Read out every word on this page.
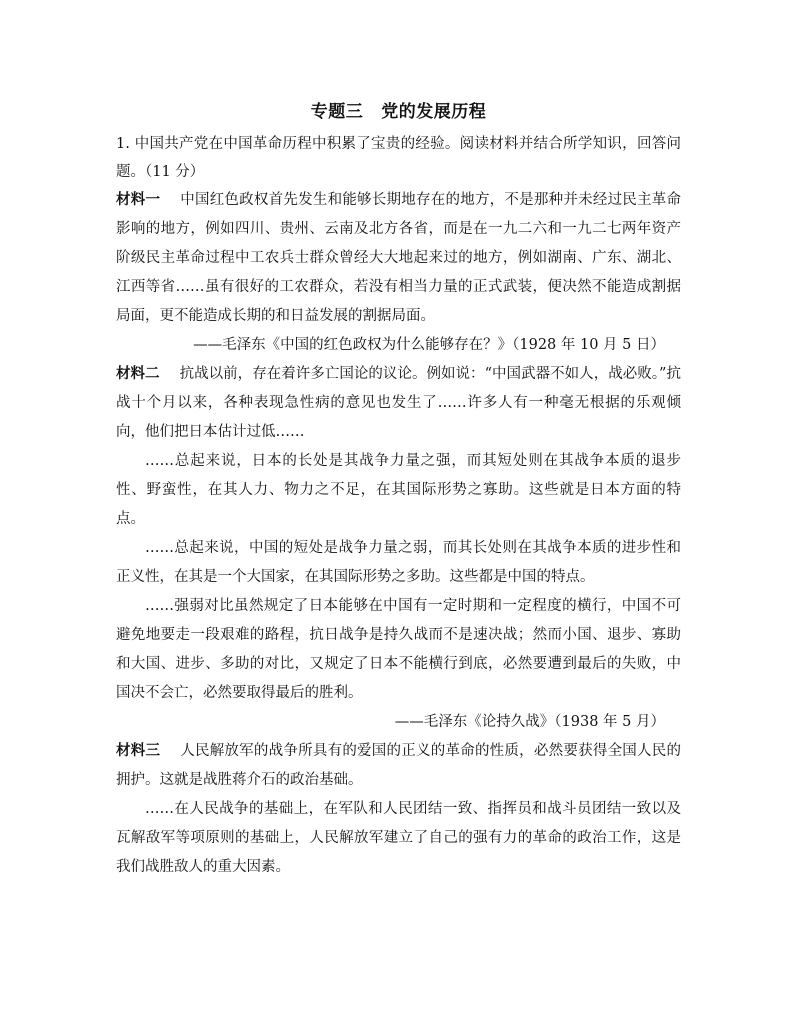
专题三 党的发展历程

1. 中国共产党在中国革命历程中积累了宝贵的经验。阅读材料并结合所学知识，回答问题。（11 分）

材料一 中国红色政权首先发生和能够长期地存在的地方，不是那种并未经过民主革命影响的地方，例如四川、贵州、云南及北方各省，而是在一九二六和一九二七两年资产阶级民主革命过程中工农兵士群众曾经大大地起来过的地方，例如湖南、广东、湖北、江西等省……虽有很好的工农群众，若没有相当力量的正式武装，便决然不能造成割据局面，更不能造成长期的和日益发展的割据局面。

——毛泽东《中国的红色政权为什么能够存在？》（1928 年 10 月 5 日）

材料二 抗战以前，存在着许多亡国论的议论。例如说：“中国武器不如人，战必败。”抗战十个月以来，各种表现急性病的意见也发生了……许多人有一种毫无根据的乐观倾向，他们把日本估计过低……

……总起来说，日本的长处是其战争力量之强，而其短处则在其战争本质的退步性、野蛮性，在其人力、物力之不足，在其国际形势之寡助。这些就是日本方面的特点。

……总起来说，中国的短处是战争力量之弱，而其长处则在其战争本质的进步性和正义性，在其是一个大国家，在其国际形势之多助。这些都是中国的特点。

……强弱对比虽然规定了日本能够在中国有一定时期和一定程度的横行，中国不可避免地要走一段艰难的路程，抗日战争是持久战而不是速决战；然而小国、退步、寡助和大国、进步、多助的对比，又规定了日本不能横行到底，必然要遭到最后的失败，中国决不会亡，必然要取得最后的胜利。

——毛泽东《论持久战》（1938 年 5 月）

材料三 人民解放军的战争所具有的爱国的正义的革命的性质，必然要获得全国人民的拥护。这就是战胜蒋介石的政治基础。

……在人民战争的基础上，在军队和人民团结一致、指挥员和战斗员团结一致以及瓦解敌军等项原则的基础上，人民解放军建立了自己的强有力的革命的政治工作，这是我们战胜敌人的重大因素。
